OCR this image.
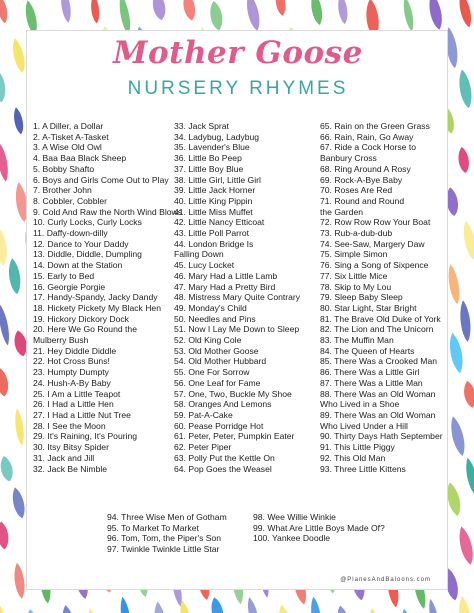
Mother Goose
NURSERY RHYMES
1. A Diller, a Dollar
2. A-Tisket A-Tasket
3. A Wise Old Owl
4. Baa Baa Black Sheep
5. Bobby Shafto
6. Boys and Girls Come Out to Play
7. Brother John
8. Cobbler, Cobbler
9. Cold And Raw the North Wind Blows
10. Curly Locks, Curly Locks
11. Daffy-down-dilly
12. Dance to Your Daddy
13. Diddle, Diddle, Dumpling
14. Down at the Station
15. Early to Bed
16. Georgie Porgie
17. Handy-Spandy, Jacky Dandy
18. Hickety Pickety My Black Hen
19. Hickory Dickory Dock
20. Here We Go Round the
Mulberry Bush
21. Hey Diddle Diddle
22. Hot Cross Buns!
23. Humpty Dumpty
24. Hush-A-By Baby
25. I Am a Little Teapot
26. I Had a Little Hen
27. I Had a Little Nut Tree
28. I See the Moon
29. It's Raining, It's Pouring
30. Itsy Bitsy Spider
31. Jack and Jill
32. Jack Be Nimble
33. Jack Sprat
34. Ladybug, Ladybug
35. Lavender's Blue
36. Little Bo Peep
37. Little Boy Blue
38. Little Girl, Little Girl
39. Little Jack Horner
40. Little King Pippin
41. Little Miss Muffet
42. Little Nancy Etticoat
43. Little Poll Parrot
44. London Bridge Is
Falling Down
45. Lucy Locket
46. Mary Had a Little Lamb
47. Mary Had a Pretty Bird
48. Mistress Mary Quite Contrary
49. Monday's Child
50. Needles and Pins
51. Now I Lay Me Down to Sleep
52. Old King Cole
53. Old Mother Goose
54. Old Mother Hubbard
55. One For Sorrow
56. One Leaf for Fame
57. One, Two, Buckle My Shoe
58. Oranges And Lemons
59. Pat-A-Cake
60. Pease Porridge Hot
61. Peter, Peter, Pumpkin Eater
62. Peter Piper
63. Polly Put the Kettle On
64. Pop Goes the Weasel
65. Rain on the Green Grass
66. Rain, Rain, Go Away
67. Ride a Cock Horse to
Banbury Cross
68. Ring Around A Rosy
69. Rock-A-Bye Baby
70. Roses Are Red
71. Round and Round
the Garden
72. Row Row Row Your Boat
73. Rub-a-dub-dub
74. See-Saw, Margery Daw
75. Simple Simon
76. Sing a Song of Sixpence
77. Six Little Mice
78. Skip to My Lou
79. Sleep Baby Sleep
80. Star Light, Star Bright
81. The Brave Old Duke of York
82. The Lion and The Unicorn
83. The Muffin Man
84. The Queen of Hearts
85. There Was a Crooked Man
86. There Was a Little Girl
87. There Was a Little Man
88. There Was an Old Woman
Who Lived in a Shoe
89. There Was an Old Woman
Who Lived Under a Hill
90. Thirty Days Hath September
91. This Little Piggy
92. This Old Man
93. Three Little Kittens
94. Three Wise Men of Gotham
95. To Market To Market
96. Tom, Tom, the Piper's Son
97. Twinkle Twinkle Little Star
98. Wee Willie Winkie
99. What Are Little Boys Made Of?
100. Yankee Doodle
@PlanesAndBaloons.com
